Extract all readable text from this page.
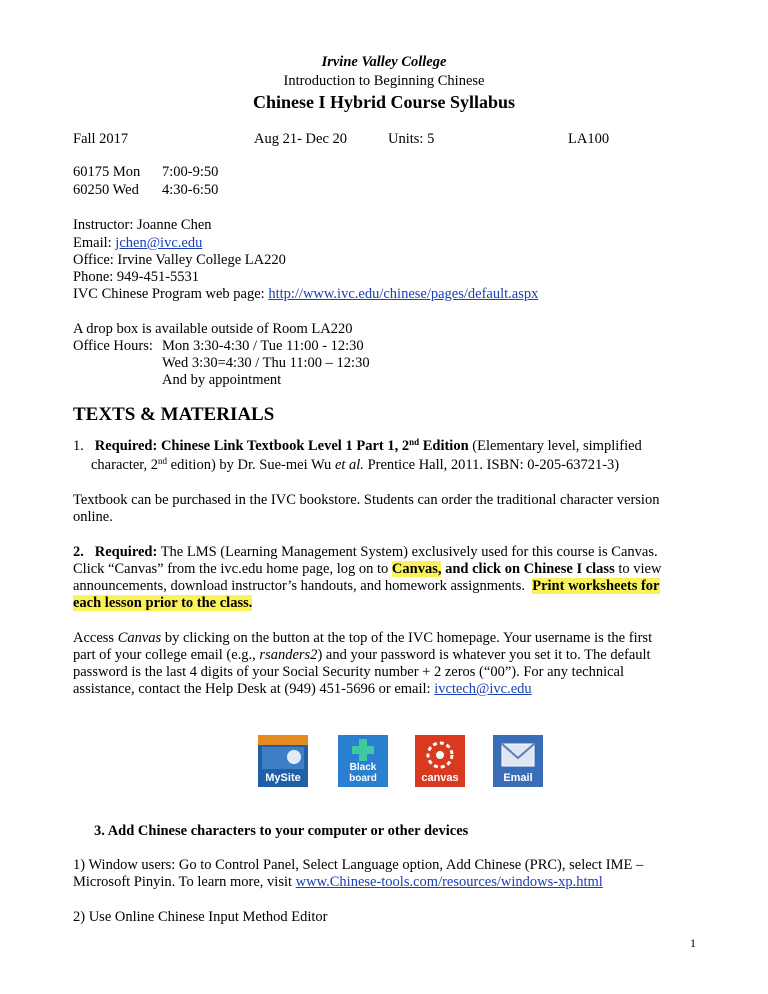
Irvine Valley College
Introduction to Beginning Chinese
Chinese I Hybrid Course Syllabus
Fall 2017	Aug 21- Dec 20	Units: 5	LA100
60175 Mon 7:00-9:50
60250 Wed 4:30-6:50
Instructor: Joanne Chen
Email: jchen@ivc.edu
Office: Irvine Valley College LA220
Phone: 949-451-5531
IVC Chinese Program web page: http://www.ivc.edu/chinese/pages/default.aspx
A drop box is available outside of Room LA220
Office Hours: Mon 3:30-4:30 / Tue 11:00 - 12:30
Wed 3:30=4:30 / Thu 11:00 – 12:30
And by appointment
TEXTS & MATERIALS
1. Required: Chinese Link Textbook Level 1 Part 1, 2nd Edition (Elementary level, simplified
character, 2nd edition) by Dr. Sue-mei Wu et al. Prentice Hall, 2011. ISBN: 0-205-63721-3)
Textbook can be purchased in the IVC bookstore. Students can order the traditional character version
online.
2. Required: The LMS (Learning Management System) exclusively used for this course is Canvas.
Click “Canvas” from the ivc.edu home page, log on to Canvas, and click on Chinese I class to view
announcements, download instructor’s handouts, and homework assignments. Print worksheets for
each lesson prior to the class.
Access Canvas by clicking on the button at the top of the IVC homepage. Your username is the first
part of your college email (e.g., rsanders2) and your password is whatever you set it to. The default
password is the last 4 digits of your Social Security number + 2 zeros (“00”). For any technical
assistance, contact the Help Desk at (949) 451-5696 or email: ivctech@ivc.edu
MySite
Black board	canvas	Email
3. Add Chinese characters to your computer or other devices
1) Window users: Go to Control Panel, Select Language option, Add Chinese (PRC), select IME –
Microsoft Pinyin. To learn more, visit www.Chinese-tools.com/resources/windows-xp.html
2) Use Online Chinese Input Method Editor
1
